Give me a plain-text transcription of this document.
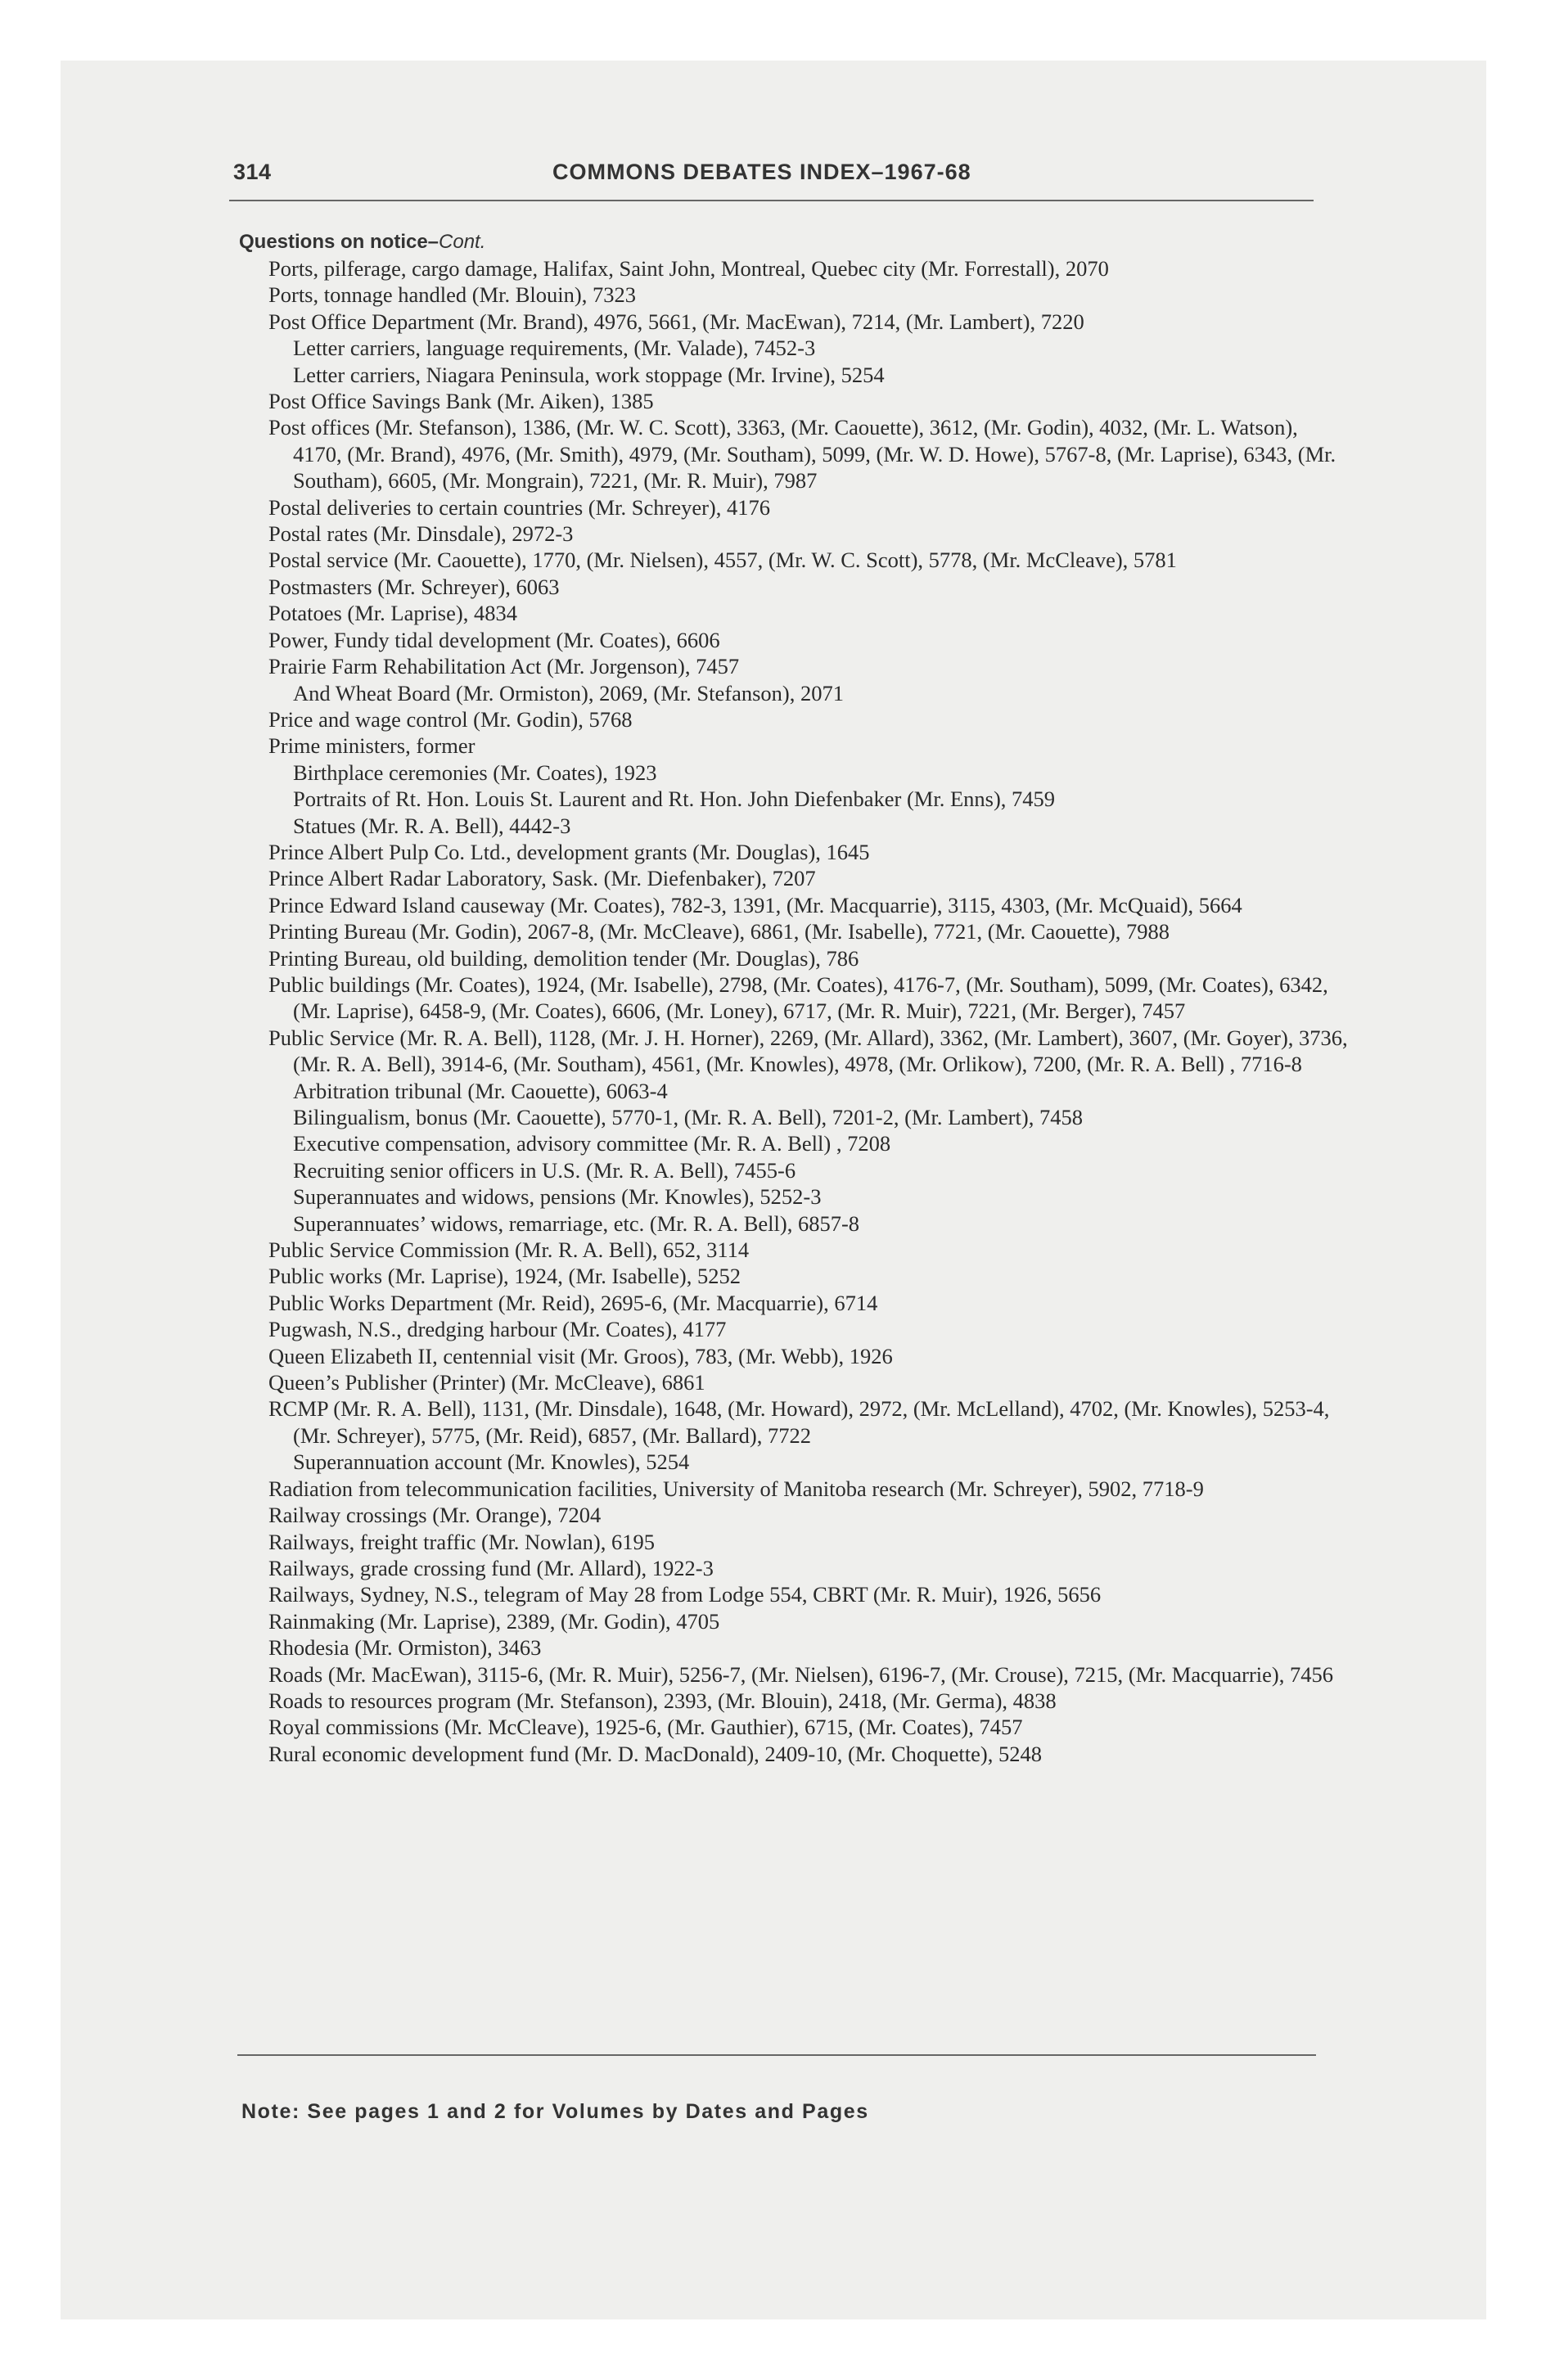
314	COMMONS DEBATES INDEX–1967-68
Questions on notice–Cont.
Ports, pilferage, cargo damage, Halifax, Saint John, Montreal, Quebec city (Mr. Forrestall), 2070
Ports, tonnage handled (Mr. Blouin), 7323
Post Office Department (Mr. Brand), 4976, 5661, (Mr. MacEwan), 7214, (Mr. Lambert), 7220
Letter carriers, language requirements, (Mr. Valade), 7452-3
Letter carriers, Niagara Peninsula, work stoppage (Mr. Irvine), 5254
Post Office Savings Bank (Mr. Aiken), 1385
Post offices (Mr. Stefanson), 1386, (Mr. W. C. Scott), 3363, (Mr. Caouette), 3612, (Mr. Godin), 4032, (Mr. L. Watson), 4170, (Mr. Brand), 4976, (Mr. Smith), 4979, (Mr. Southam), 5099, (Mr. W. D. Howe), 5767-8, (Mr. Laprise), 6343, (Mr. Southam), 6605, (Mr. Mongrain), 7221, (Mr. R. Muir), 7987
Postal deliveries to certain countries (Mr. Schreyer), 4176
Postal rates (Mr. Dinsdale), 2972-3
Postal service (Mr. Caouette), 1770, (Mr. Nielsen), 4557, (Mr. W. C. Scott), 5778, (Mr. McCleave), 5781
Postmasters (Mr. Schreyer), 6063
Potatoes (Mr. Laprise), 4834
Power, Fundy tidal development (Mr. Coates), 6606
Prairie Farm Rehabilitation Act (Mr. Jorgenson), 7457
And Wheat Board (Mr. Ormiston), 2069, (Mr. Stefanson), 2071
Price and wage control (Mr. Godin), 5768
Prime ministers, former
Birthplace ceremonies (Mr. Coates), 1923
Portraits of Rt. Hon. Louis St. Laurent and Rt. Hon. John Diefenbaker (Mr. Enns), 7459
Statues (Mr. R. A. Bell), 4442-3
Prince Albert Pulp Co. Ltd., development grants (Mr. Douglas), 1645
Prince Albert Radar Laboratory, Sask. (Mr. Diefenbaker), 7207
Prince Edward Island causeway (Mr. Coates), 782-3, 1391, (Mr. Macquarrie), 3115, 4303, (Mr. McQuaid), 5664
Printing Bureau (Mr. Godin), 2067-8, (Mr. McCleave), 6861, (Mr. Isabelle), 7721, (Mr. Caouette), 7988
Printing Bureau, old building, demolition tender (Mr. Douglas), 786
Public buildings (Mr. Coates), 1924, (Mr. Isabelle), 2798, (Mr. Coates), 4176-7, (Mr. Southam), 5099, (Mr. Coates), 6342, (Mr. Laprise), 6458-9, (Mr. Coates), 6606, (Mr. Loney), 6717, (Mr. R. Muir), 7221, (Mr. Berger), 7457
Public Service (Mr. R. A. Bell), 1128, (Mr. J. H. Horner), 2269, (Mr. Allard), 3362, (Mr. Lambert), 3607, (Mr. Goyer), 3736, (Mr. R. A. Bell), 3914-6, (Mr. Southam), 4561, (Mr. Knowles), 4978, (Mr. Orlikow), 7200, (Mr. R. A. Bell) , 7716-8
Arbitration tribunal (Mr. Caouette), 6063-4
Bilingualism, bonus (Mr. Caouette), 5770-1, (Mr. R. A. Bell), 7201-2, (Mr. Lambert), 7458
Executive compensation, advisory committee (Mr. R. A. Bell) , 7208
Recruiting senior officers in U.S. (Mr. R. A. Bell), 7455-6
Superannuates and widows, pensions (Mr. Knowles), 5252-3
Superannuates’ widows, remarriage, etc. (Mr. R. A. Bell), 6857-8
Public Service Commission (Mr. R. A. Bell), 652, 3114
Public works (Mr. Laprise), 1924, (Mr. Isabelle), 5252
Public Works Department (Mr. Reid), 2695-6, (Mr. Macquarrie), 6714
Pugwash, N.S., dredging harbour (Mr. Coates), 4177
Queen Elizabeth II, centennial visit (Mr. Groos), 783, (Mr. Webb), 1926
Queen’s Publisher (Printer) (Mr. McCleave), 6861
RCMP (Mr. R. A. Bell), 1131, (Mr. Dinsdale), 1648, (Mr. Howard), 2972, (Mr. McLelland), 4702, (Mr. Knowles), 5253-4, (Mr. Schreyer), 5775, (Mr. Reid), 6857, (Mr. Ballard), 7722
Superannuation account (Mr. Knowles), 5254
Radiation from telecommunication facilities, University of Manitoba research (Mr. Schreyer), 5902, 7718-9
Railway crossings (Mr. Orange), 7204
Railways, freight traffic (Mr. Nowlan), 6195
Railways, grade crossing fund (Mr. Allard), 1922-3
Railways, Sydney, N.S., telegram of May 28 from Lodge 554, CBRT (Mr. R. Muir), 1926, 5656
Rainmaking (Mr. Laprise), 2389, (Mr. Godin), 4705
Rhodesia (Mr. Ormiston), 3463
Roads (Mr. MacEwan), 3115-6, (Mr. R. Muir), 5256-7, (Mr. Nielsen), 6196-7, (Mr. Crouse), 7215, (Mr. Macquarrie), 7456
Roads to resources program (Mr. Stefanson), 2393, (Mr. Blouin), 2418, (Mr. Germa), 4838
Royal commissions (Mr. McCleave), 1925-6, (Mr. Gauthier), 6715, (Mr. Coates), 7457
Rural economic development fund (Mr. D. MacDonald), 2409-10, (Mr. Choquette), 5248
Note: See pages 1 and 2 for Volumes by Dates and Pages
